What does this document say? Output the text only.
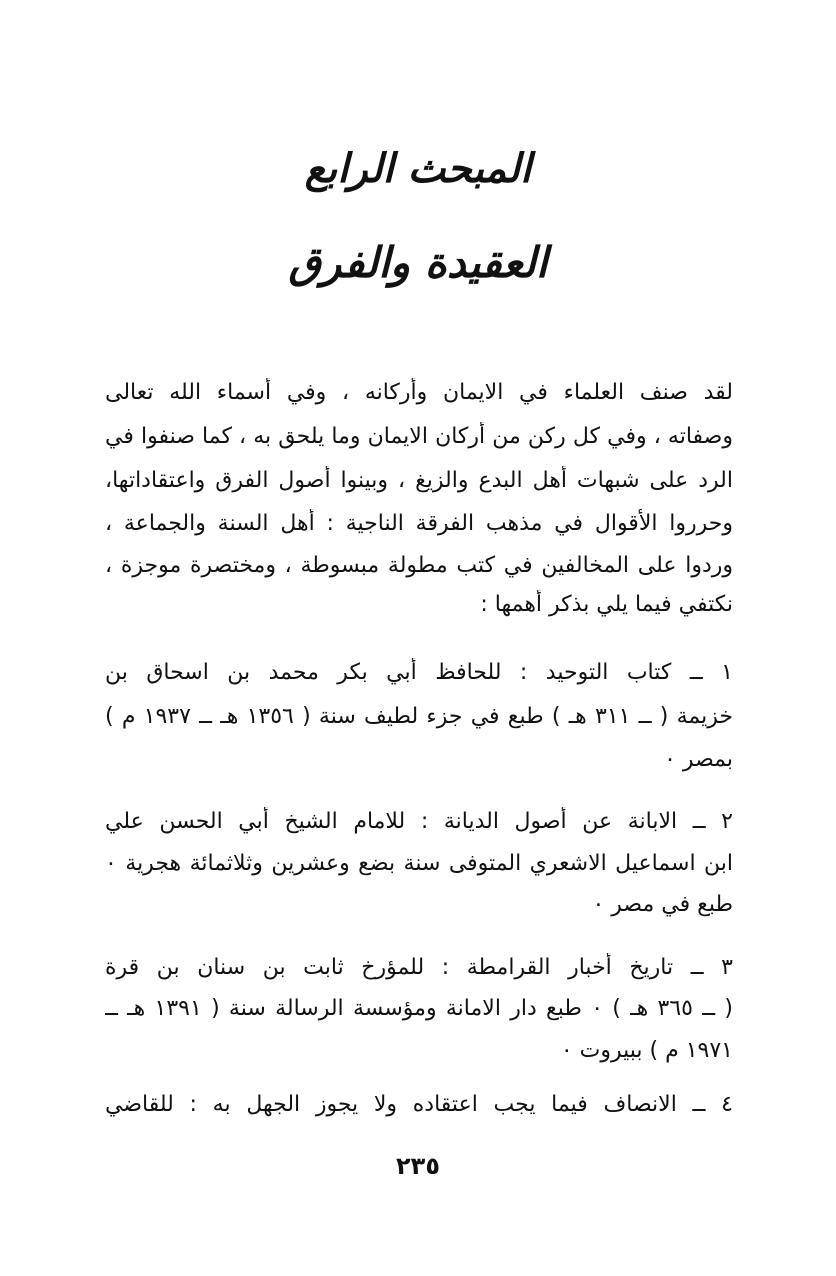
المبحث الرابع
العقيدة والفرق
لقد صنف العلماء في الايمان وأركانه ، وفي أسماء الله تعالى
وصفاته ، وفي كل ركن من أركان الايمان وما يلحق به ، كما صنفوا في
الرد على شبهات أهل البدع والزيغ ، وبينوا أصول الفرق واعتقاداتها،
وحرروا الأقوال في مذهب الفرقة الناجية : أهل السنة والجماعة ،
وردوا على المخالفين في كتب مطولة مبسوطة ، ومختصرة موجزة ،
نكتفي فيما يلي بذكر أهمها :
١ ــ كتاب التوحيد : للحافظ أبي بكر محمد بن اسحاق بن
خزيمة ( ــ ٣١١ هـ ) طبع في جزء لطيف سنة ( ١٣٥٦ هـ ــ ١٩٣٧ م )
بمصر ٠
٢ ــ الابانة عن أصول الديانة : للامام الشيخ أبي الحسن علي
ابن اسماعيل الاشعري المتوفى سنة بضع وعشرين وثلاثمائة هجرية ٠
طبع في مصر ٠
٣ ــ تاريخ أخبار القرامطة : للمؤرخ ثابت بن سنان بن قرة
( ــ ٣٦٥ هـ ) ٠ طبع دار الامانة ومؤسسة الرسالة سنة ( ١٣٩١ هـ ــ
١٩٧١ م ) ببيروت ٠
٤ ــ الانصاف فيما يجب اعتقاده ولا يجوز الجهل به : للقاضي
٢٣٥
